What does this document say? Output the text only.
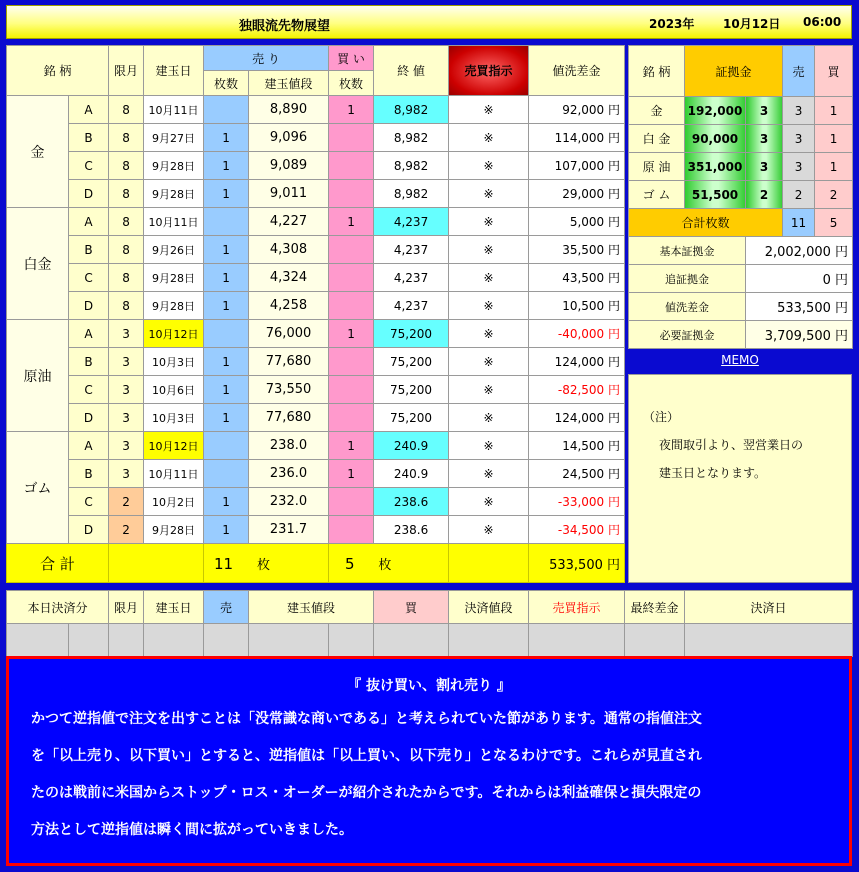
独眼流先物展望	2023年 10月12日 06:00
銘 柄		限月	建玉日	売 り		買 い	終 値	売買指示	値洗差金
				枚数	建玉値段	枚数			
金	A	8	10月11日		8,890	1	8,982	※	92,000 円
	B	8	9月27日	1	9,096		8,982	※	114,000 円
	C	8	9月28日	1	9,089		8,982	※	107,000 円
	D	8	9月28日	1	9,011		8,982	※	29,000 円
白金	A	8	10月11日		4,227	1	4,237	※	5,000 円
	B	8	9月26日	1	4,308		4,237	※	35,500 円
	C	8	9月28日	1	4,324		4,237	※	43,500 円
	D	8	9月28日	1	4,258		4,237	※	10,500 円
原油	A	3	10月12日		76,000	1	75,200	※	-40,000 円
	B	3	10月3日	1	77,680		75,200	※	124,000 円
	C	3	10月6日	1	73,550		75,200	※	-82,500 円
	D	3	10月3日	1	77,680		75,200	※	124,000 円
ゴム	A	3	10月12日		238.0	1	240.9	※	14,500 円
	B	3	10月11日		236.0	1	240.9	※	24,500 円
	C	2	10月2日	1	232.0		238.6	※	-33,000 円
	D	2	9月28日	1	231.7		238.6	※	-34,500 円
合 計				11 枚		5 枚			533,500 円
銘 柄	証拠金		売	買
金	192,000	3	3	1
白 金	90,000	3	3	1
原 油	351,000	3	3	1
ゴ ム	51,500	2	2	2
合計枚数			11	5
基本証拠金		2,002,000 円		
追証拠金		0 円		
値洗差金		533,500 円		
必要証拠金		3,709,500 円		
MEMO
（注）
夜間取引より、翌営業日の
建玉日となります。
本日決済分		限月	建玉日	売	建玉値段		買	決済値段	売買指示	最終差金	決済日	

『 抜け買い、割れ売り 』

かつて逆指値で注文を出すことは「没常識な商いである」と考えられていた節があります。通常の指値注文

を「以上売り、以下買い」とすると、逆指値は「以上買い、以下売り」となるわけです。これらが見直され

たのは戦前に米国からストップ・ロス・オーダーが紹介されたからです。それからは利益確保と損失限定の

方法として逆指値は瞬く間に拡がっていきました。
